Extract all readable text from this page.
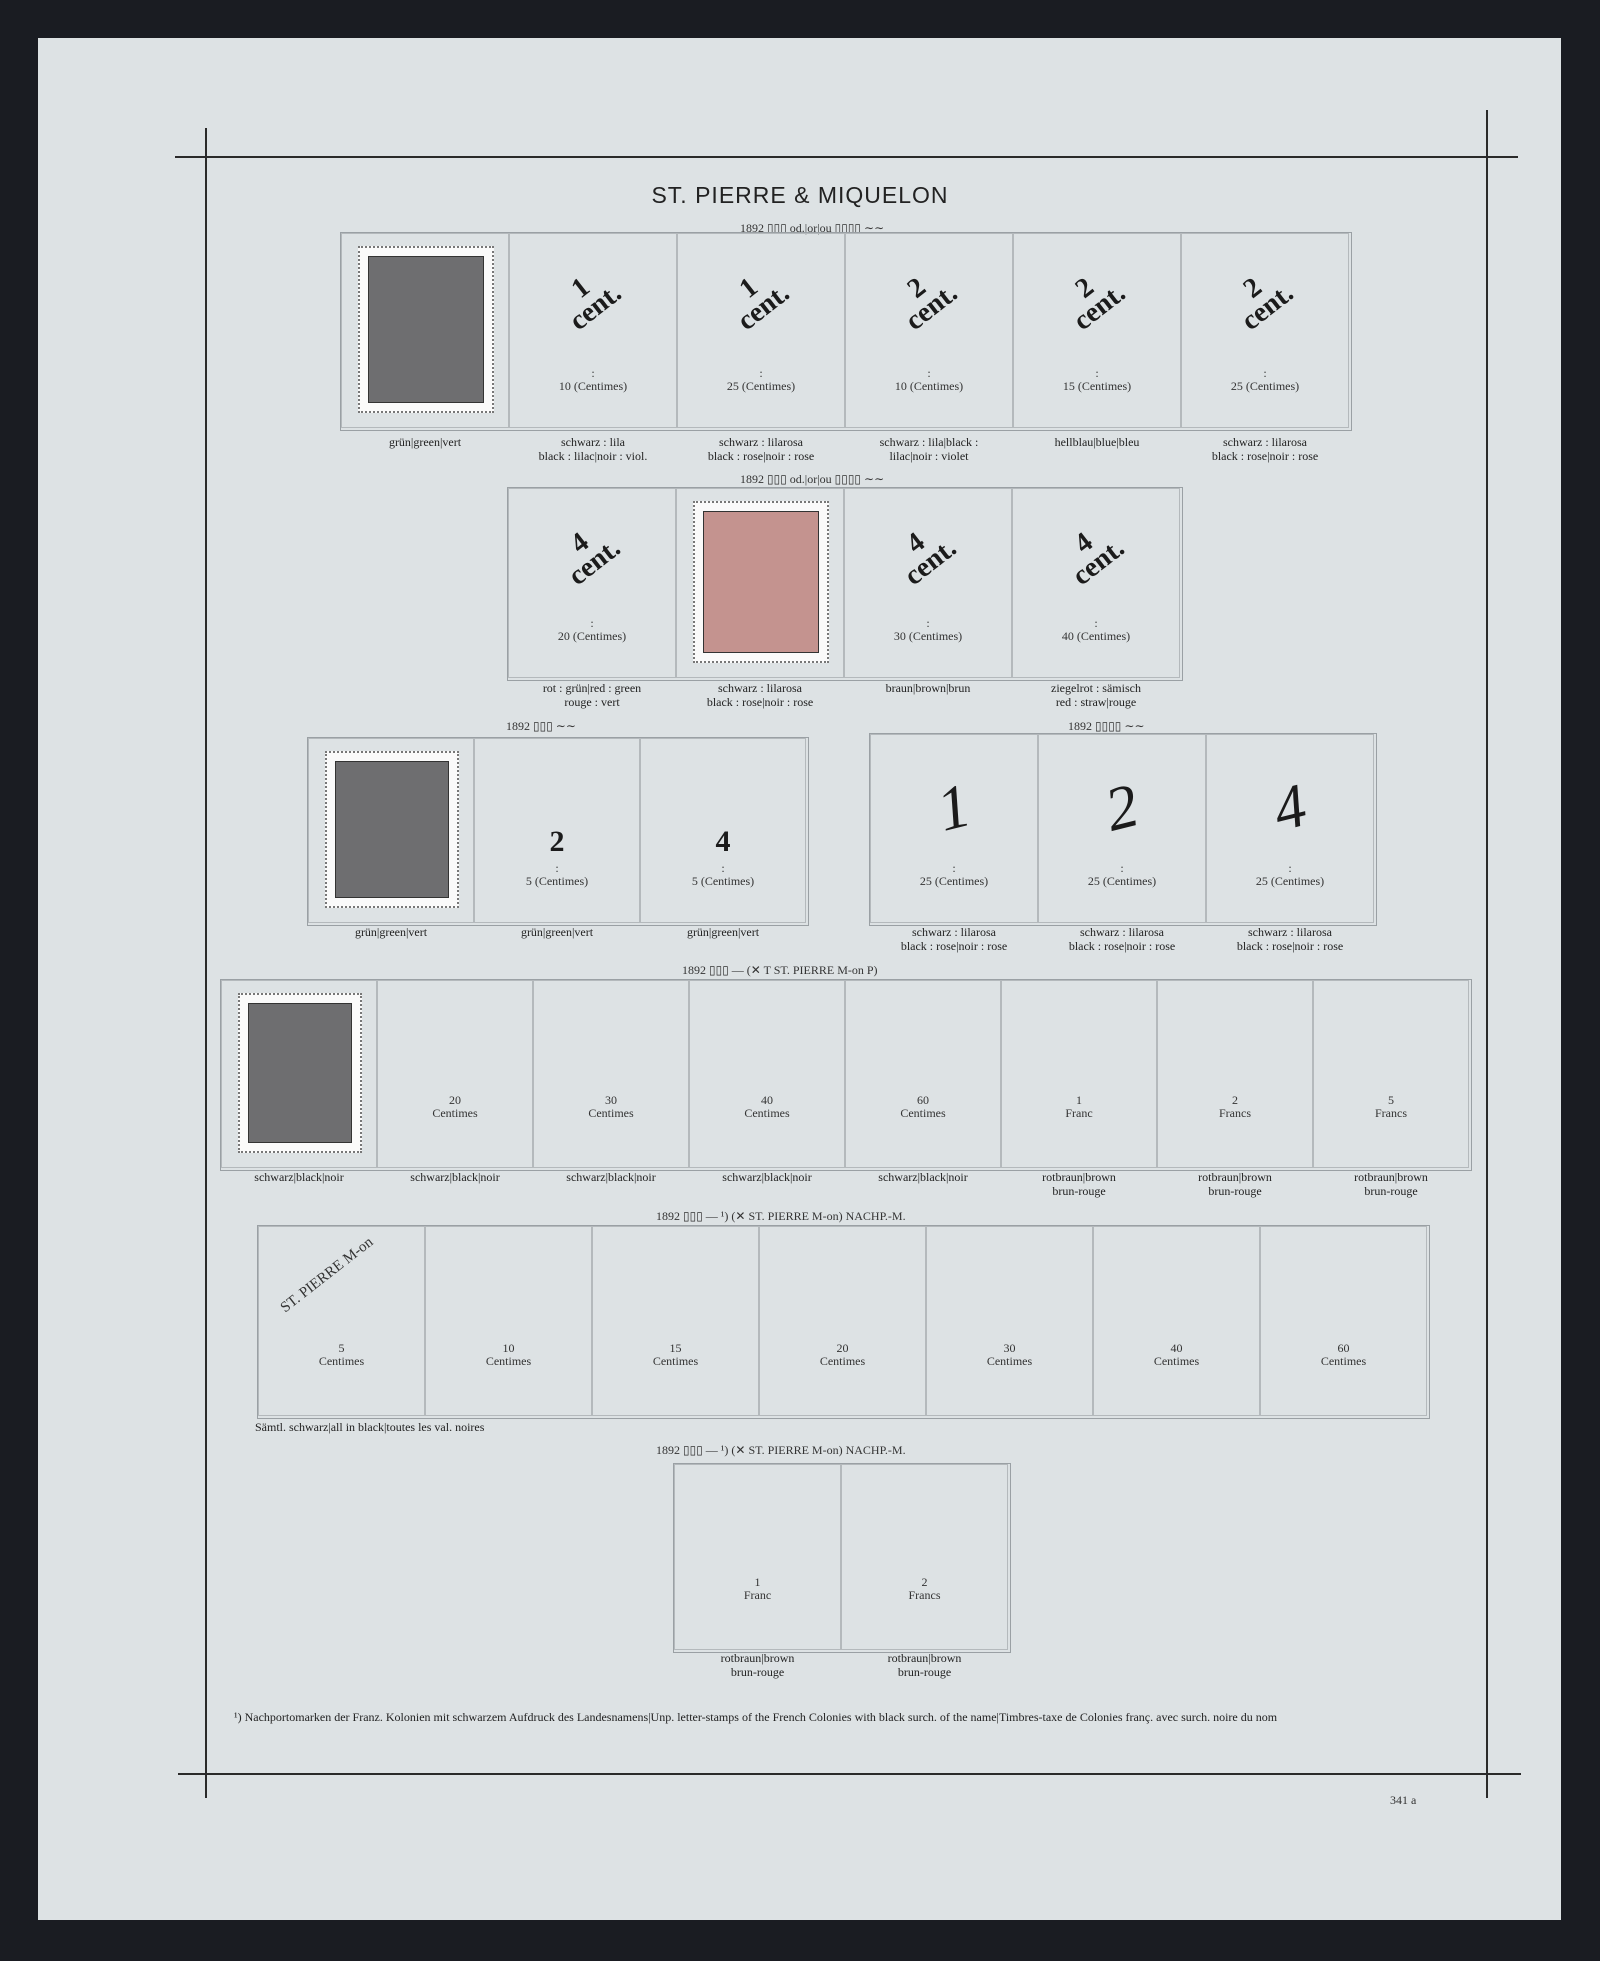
ST. PIERRE & MIQUELON
1892 ▯▯▯ od.|or|ou ▯▯▯▯ ∼∼
grün|green|vert
1
cent.
:
10 (Centimes)
schwarz : lila
black : lilac|noir : viol.
1
cent.
:
25 (Centimes)
schwarz : lilarosa
black : rose|noir : rose
2
cent.
:
10 (Centimes)
schwarz : lila|black :
lilac|noir : violet
2
cent.
:
15 (Centimes)
hellblau|blue|bleu
2
cent.
:
25 (Centimes)
schwarz : lilarosa
black : rose|noir : rose
1892 ▯▯▯ od.|or|ou ▯▯▯▯ ∼∼
4
cent.
:
20 (Centimes)
rot : grün|red : green
rouge : vert
schwarz : lilarosa
black : rose|noir : rose
4
cent.
:
30 (Centimes)
braun|brown|brun
4
cent.
:
40 (Centimes)
ziegelrot : sämisch
red : straw|rouge
1892 ▯▯▯ ∼∼
grün|green|vert
2
:
5 (Centimes)
grün|green|vert
4
:
5 (Centimes)
grün|green|vert
1892 ▯▯▯▯ ∼∼
1
:
25 (Centimes)
schwarz : lilarosa
black : rose|noir : rose
2
:
25 (Centimes)
schwarz : lilarosa
black : rose|noir : rose
4
:
25 (Centimes)
schwarz : lilarosa
black : rose|noir : rose
1892 ▯▯▯ — (✕ T ST. PIERRE M-on P)
schwarz|black|noir
20
Centimes
schwarz|black|noir
30
Centimes
schwarz|black|noir
40
Centimes
schwarz|black|noir
60
Centimes
schwarz|black|noir
1
Franc
rotbraun|brown
brun-rouge
2
Francs
rotbraun|brown
brun-rouge
5
Francs
rotbraun|brown
brun-rouge
1892 ▯▯▯ — ¹) (✕ ST. PIERRE M-on) NACHP.-M.
ST. PIERRE M-on
5
Centimes
10
Centimes
15
Centimes
20
Centimes
30
Centimes
40
Centimes
60
Centimes
Sämtl. schwarz|all in black|toutes les val. noires
1892 ▯▯▯ — ¹) (✕ ST. PIERRE M-on) NACHP.-M.
1
Franc
rotbraun|brown
brun-rouge
2
Francs
rotbraun|brown
brun-rouge
¹) Nachportomarken der Franz. Kolonien mit schwarzem Aufdruck des Landesnamens|Unp. letter-stamps of the French Colonies with black surch. of the name|Timbres-taxe de Colonies franç. avec surch. noire du nom
341 a
